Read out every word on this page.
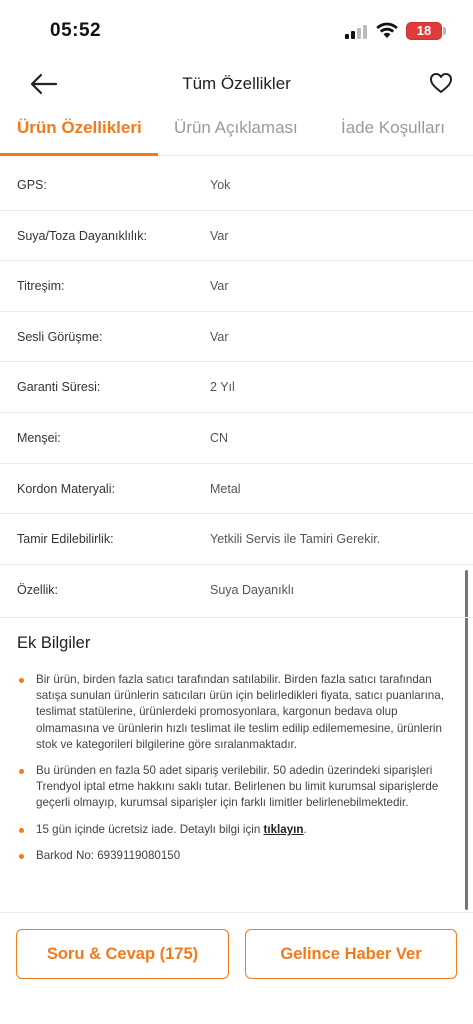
05:52	18
Tüm Özellikler
Ürün Özellikleri Ürün Açıklaması	İade Koşulları
GPS:	Yok
Suya/Toza Dayanıklılık:	Var
Titreşim:	Var
Sesli Görüşme:	Var
Garanti Süresi:	2 Yıl
Menşei:	CN
Kordon Materyali:	Metal
Tamir Edilebilirlik:	Yetkili Servis ile Tamiri Gerekir.
Özellik:	Suya Dayanıklı
Ek Bilgiler
Bir ürün, birden fazla satıcı tarafından satılabilir. Birden fazla satıcı tarafından satışa sunulan ürünlerin satıcıları ürün için belirledikleri fiyata, satıcı puanlarına, teslimat statülerine, ürünlerdeki promosyonlara, kargonun bedava olup olmamasına ve ürünlerin hızlı teslimat ile teslim edilip edilememesine, ürünlerin stok ve kategorileri bilgilerine göre sıralanmaktadır.
Bu üründen en fazla 50 adet sipariş verilebilir. 50 adedin üzerindeki siparişleri Trendyol iptal etme hakkını saklı tutar. Belirlenen bu limit kurumsal siparişlerde geçerli olmayıp, kurumsal siparişler için farklı limitler belirlenebilmektedir.
15 gün içinde ücretsiz iade. Detaylı bilgi için tıklayın.
Barkod No: 6939119080150
Soru & Cevap (175)	Gelince Haber Ver
